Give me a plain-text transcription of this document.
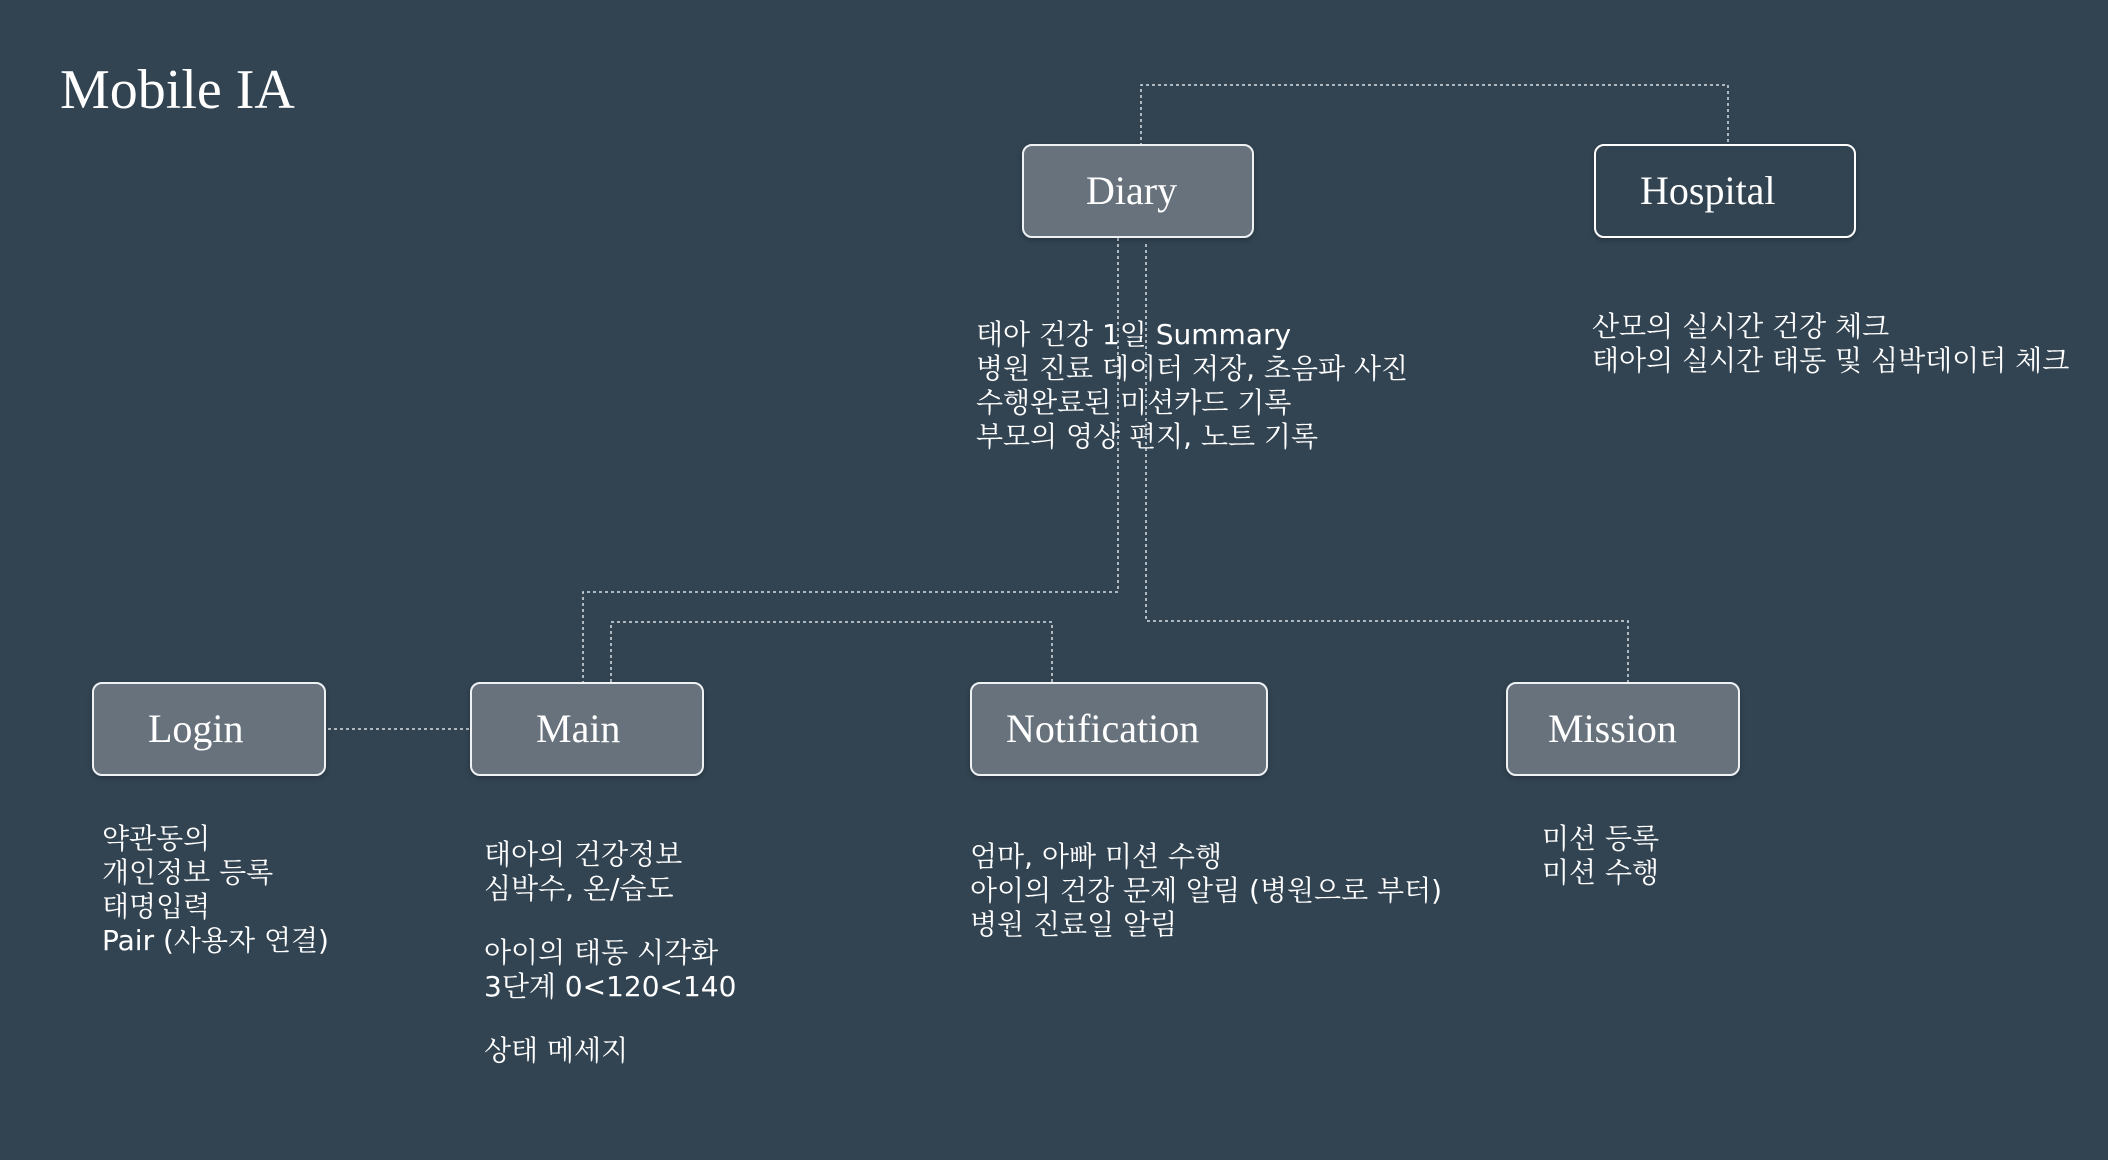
Mobile IA
Diary	Hospital
Login	Main	Notification	Mission
태아 건강 1일 Summary
병원 진료 데이터 저장, 초음파 사진
수행완료된 미션카드 기록
부모의 영상 편지, 노트 기록
산모의 실시간 건강 체크
태아의 실시간 태동 및 심박데이터 체크
약관동의
개인정보 등록
태명입력
Pair (사용자 연결)
태아의 건강정보
심박수, 온/습도
아이의 태동 시각화
3단계 0<120<140
상태 메세지
엄마, 아빠 미션 수행
아이의 건강 문제 알림 (병원으로 부터)
병원 진료일 알림
미션 등록
미션 수행
